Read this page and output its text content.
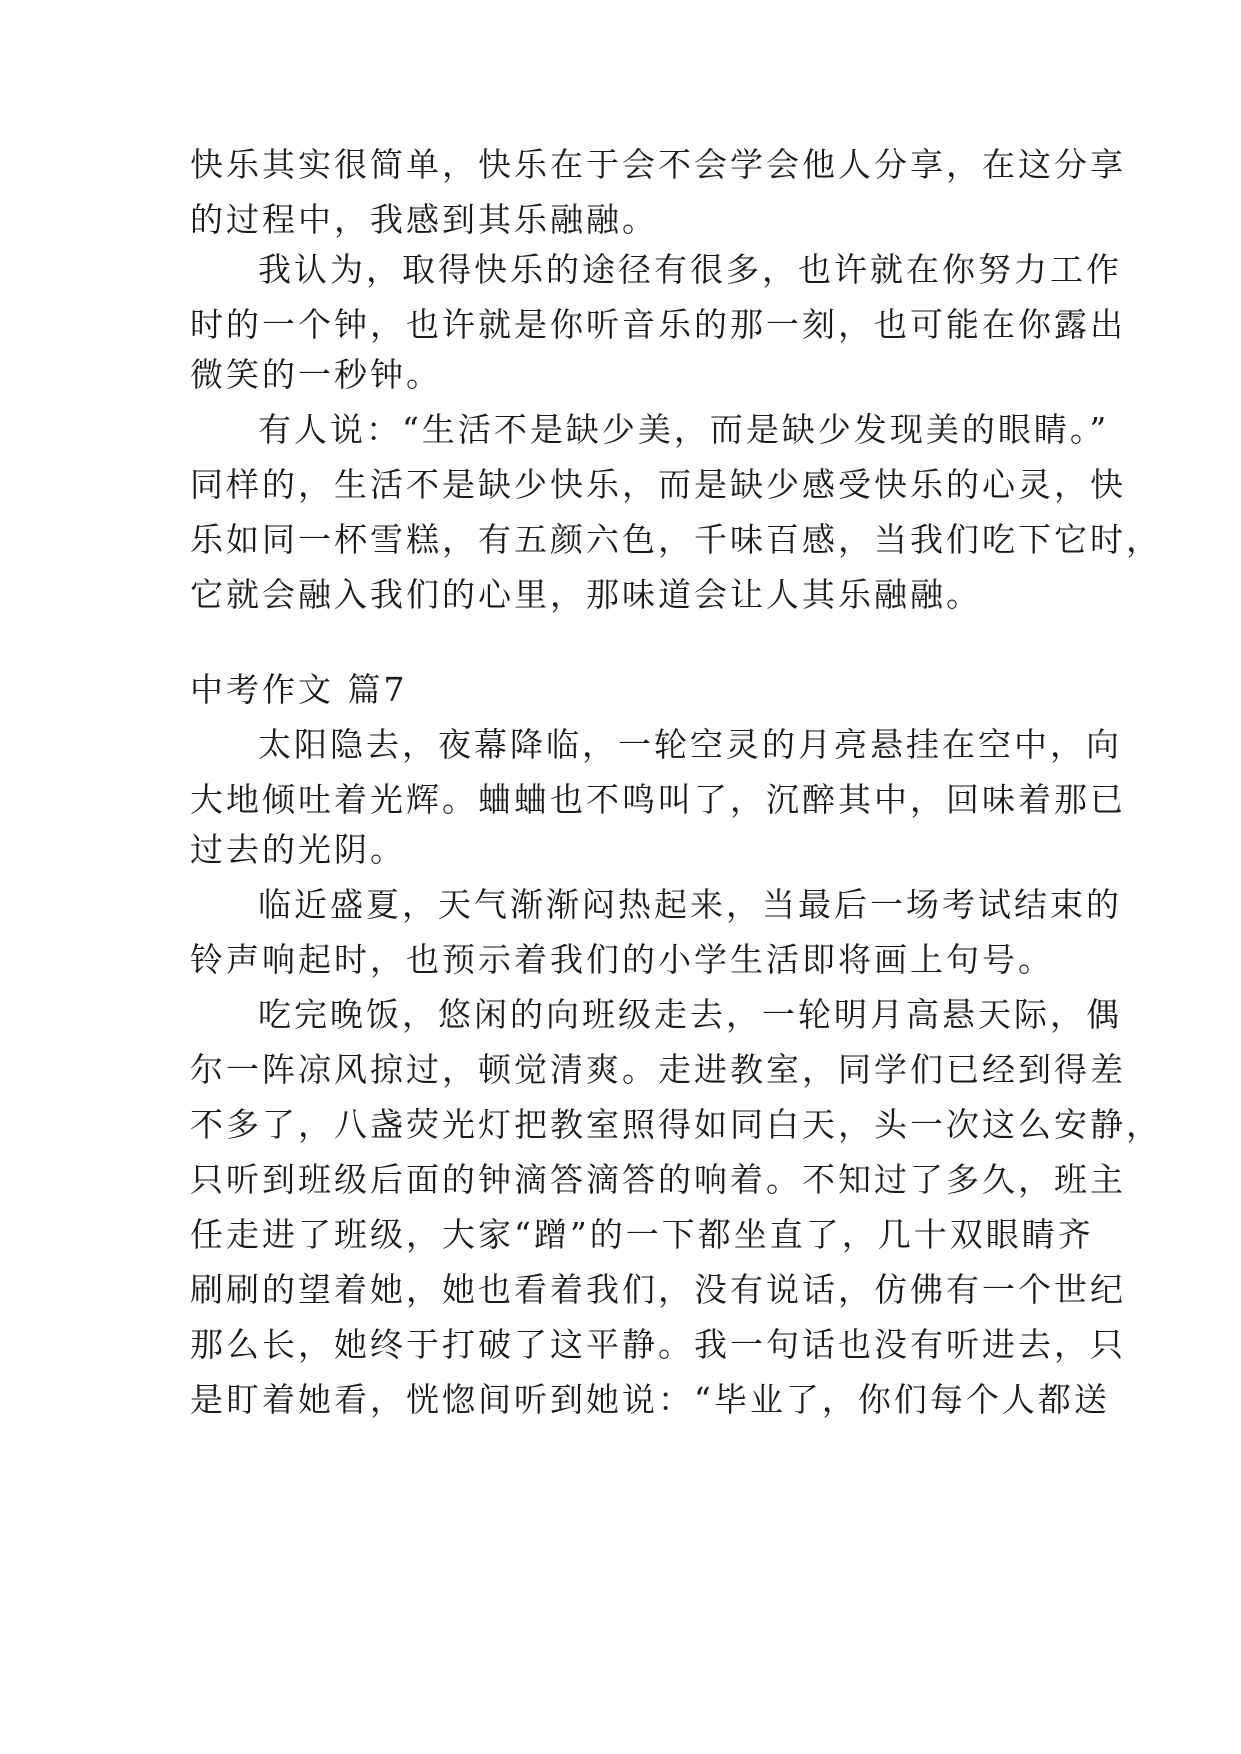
快乐其实很简单，快乐在于会不会学会他人分享，在这分享
的过程中，我感到其乐融融。
我认为，取得快乐的途径有很多，也许就在你努力工作
时的一个钟，也许就是你听音乐的那一刻，也可能在你露出
微笑的一秒钟。
有人说：“生活不是缺少美，而是缺少发现美的眼睛。”
同样的，生活不是缺少快乐，而是缺少感受快乐的心灵，快
乐如同一杯雪糕，有五颜六色，千味百感，当我们吃下它时，
它就会融入我们的心里，那味道会让人其乐融融。
中考作文 篇7
太阳隐去，夜幕降临，一轮空灵的月亮悬挂在空中，向
大地倾吐着光辉。蛐蛐也不鸣叫了，沉醉其中，回味着那已
过去的光阴。
临近盛夏，天气渐渐闷热起来，当最后一场考试结束的
铃声响起时，也预示着我们的小学生活即将画上句号。
吃完晚饭，悠闲的向班级走去，一轮明月高悬天际，偶
尔一阵凉风掠过，顿觉清爽。走进教室，同学们已经到得差
不多了，八盏荧光灯把教室照得如同白天，头一次这么安静，
只听到班级后面的钟滴答滴答的响着。不知过了多久，班主
任走进了班级，大家“蹭”的一下都坐直了，几十双眼睛齐
刷刷的望着她，她也看着我们，没有说话，仿佛有一个世纪
那么长，她终于打破了这平静。我一句话也没有听进去，只
是盯着她看，恍惚间听到她说：“毕业了，你们每个人都送
